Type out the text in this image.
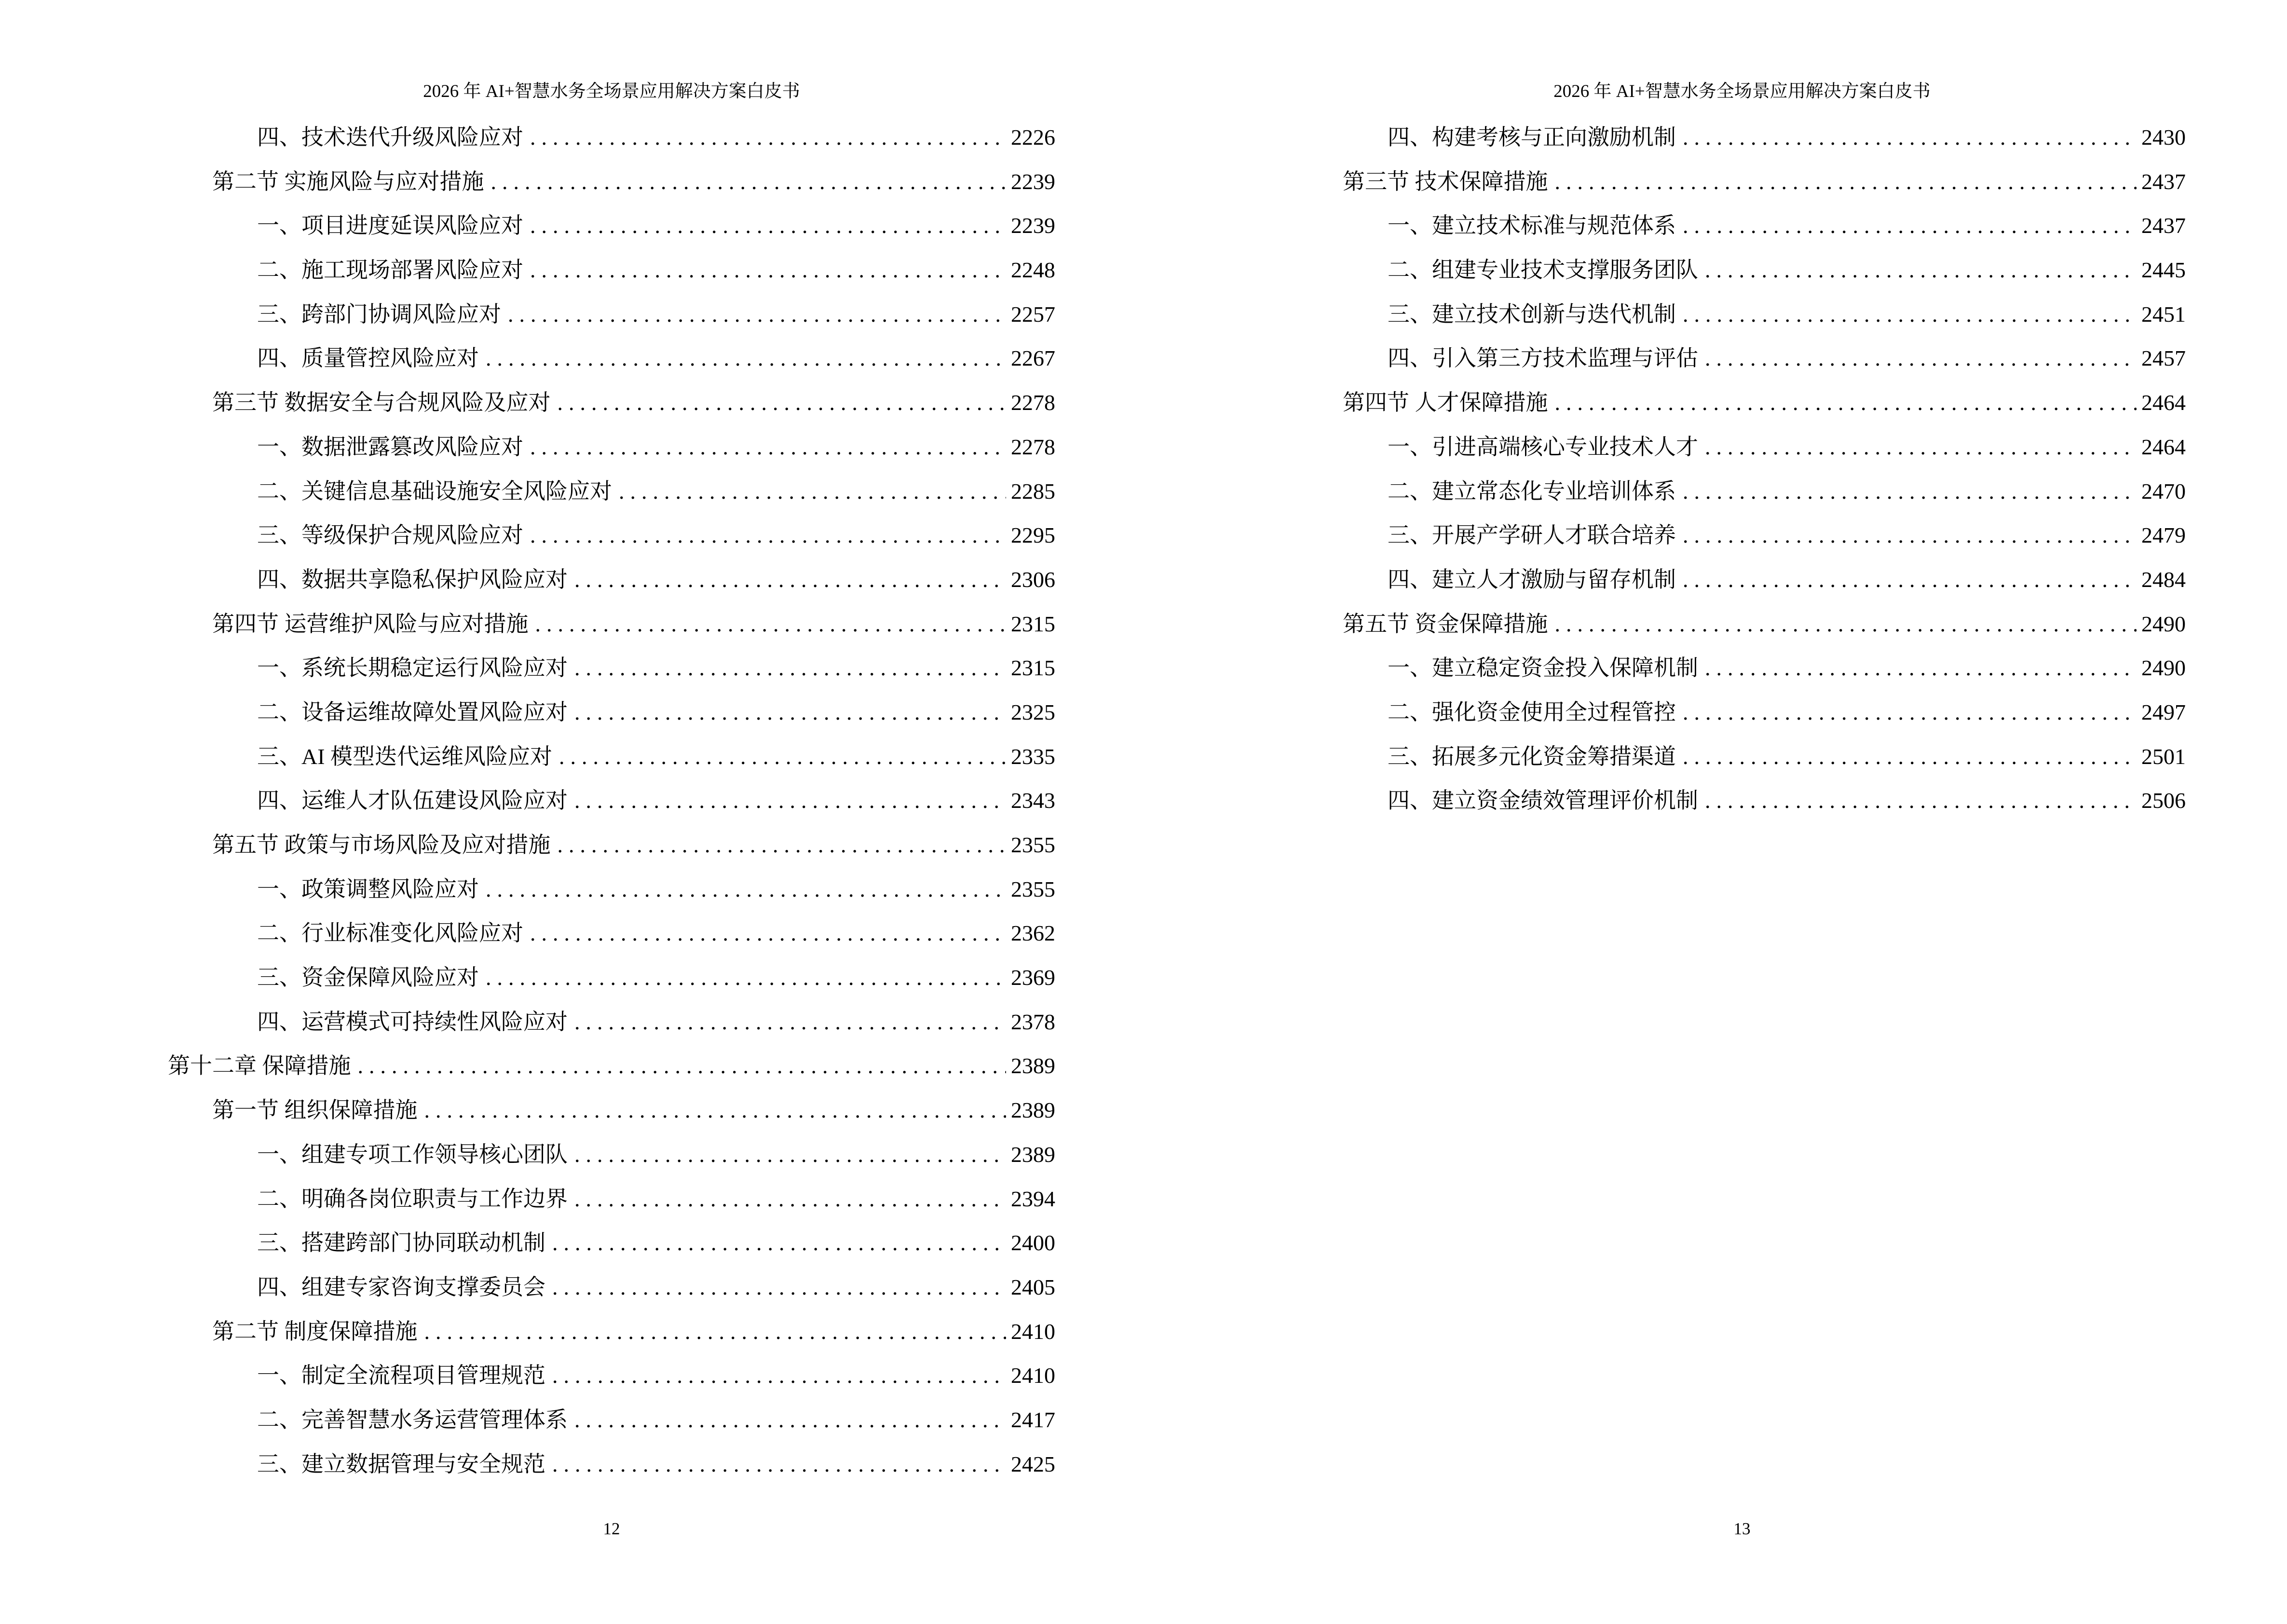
2026 年 AI+智慧水务全场景应用解决方案白皮书
四、技术迭代升级风险应对 .....	2226
第二节 实施风险与应对措施 .....	2239
一、项目进度延误风险应对 .....	2239
二、施工现场部署风险应对 .....	2248
三、跨部门协调风险应对 .....	2257
四、质量管控风险应对 .....	2267
第三节 数据安全与合规风险及应对 .....	2278
一、数据泄露篡改风险应对 .....	2278
二、关键信息基础设施安全风险应对 .....	2285
三、等级保护合规风险应对 .....	2295
四、数据共享隐私保护风险应对 .....	2306
第四节 运营维护风险与应对措施 .....	2315
一、系统长期稳定运行风险应对 .....	2315
二、设备运维故障处置风险应对 .....	2325
三、AI 模型迭代运维风险应对 .....	2335
四、运维人才队伍建设风险应对 .....	2343
第五节 政策与市场风险及应对措施 .....	2355
一、政策调整风险应对 .....	2355
二、行业标准变化风险应对 .....	2362
三、资金保障风险应对 .....	2369
四、运营模式可持续性风险应对 .....	2378
第十二章 保障措施 .....	2389
第一节 组织保障措施 .....	2389
一、组建专项工作领导核心团队 .....	2389
二、明确各岗位职责与工作边界 .....	2394
三、搭建跨部门协同联动机制 .....	2400
四、组建专家咨询支撑委员会 .....	2405
第二节 制度保障措施 .....	2410
一、制定全流程项目管理规范 .....	2410
二、完善智慧水务运营管理体系 .....	2417
三、建立数据管理与安全规范 .....	2425
12
2026 年 AI+智慧水务全场景应用解决方案白皮书
四、构建考核与正向激励机制 .....	2430
第三节 技术保障措施 .....	2437
一、建立技术标准与规范体系 .....	2437
二、组建专业技术支撑服务团队 .....	2445
三、建立技术创新与迭代机制 .....	2451
四、引入第三方技术监理与评估 .....	2457
第四节 人才保障措施 .....	2464
一、引进高端核心专业技术人才 .....	2464
二、建立常态化专业培训体系 .....	2470
三、开展产学研人才联合培养 .....	2479
四、建立人才激励与留存机制 .....	2484
第五节 资金保障措施 .....	2490
一、建立稳定资金投入保障机制 .....	2490
二、强化资金使用全过程管控 .....	2497
三、拓展多元化资金筹措渠道 .....	2501
四、建立资金绩效管理评价机制 .....	2506
13
